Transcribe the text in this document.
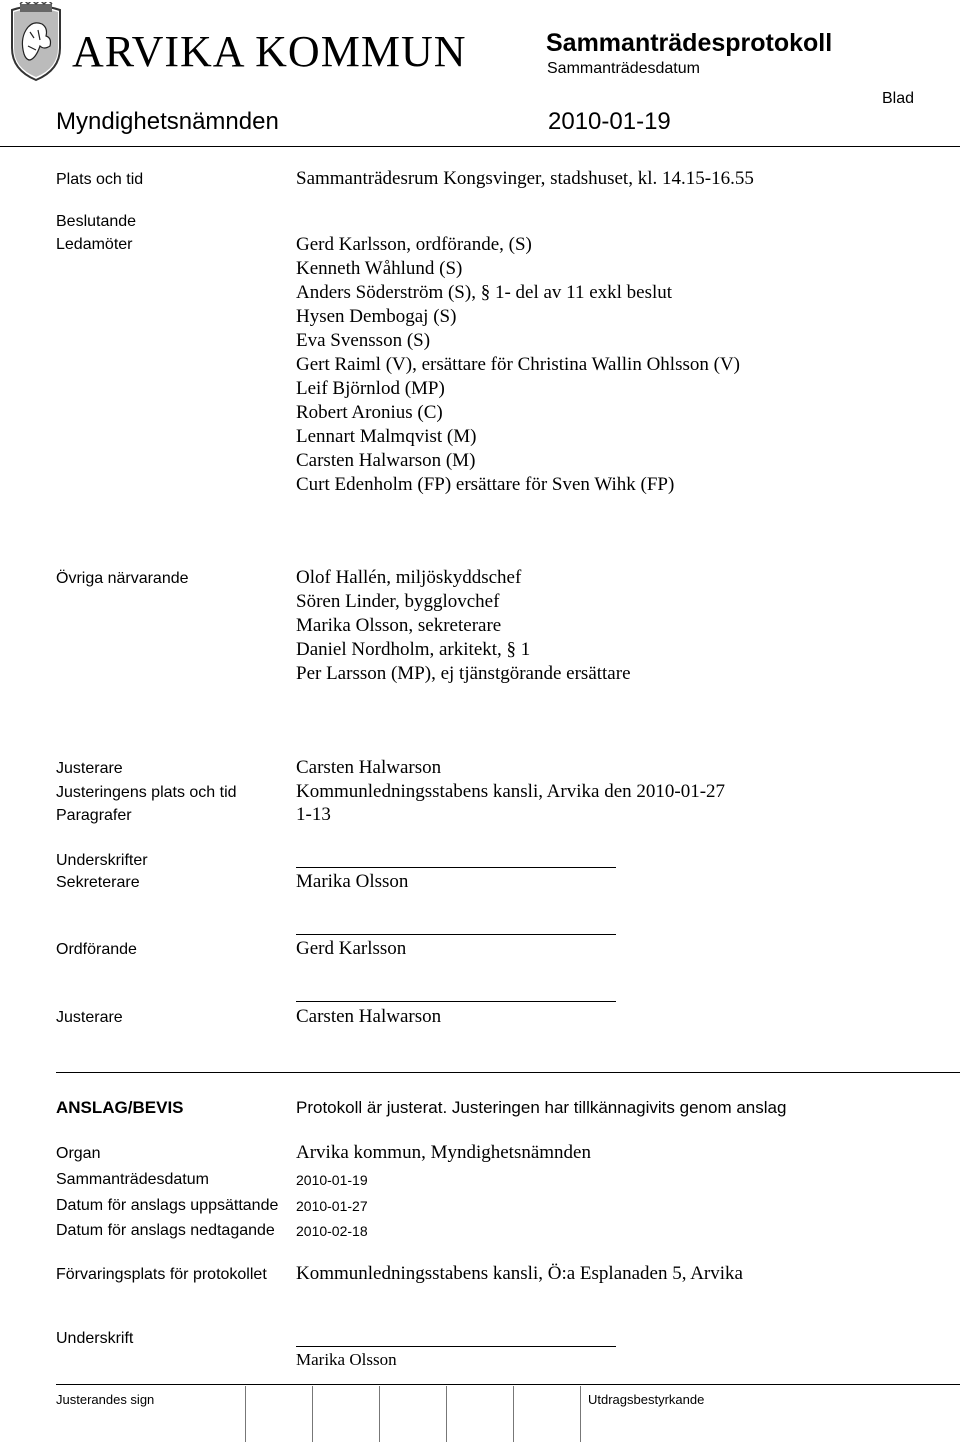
ARVIKA KOMMUN	Sammanträdesprotokoll
Sammanträdesdatum
Myndighetsnämnden	2010-01-19
Blad
Plats och tid	Sammanträdesrum Kongsvinger, stadshuset, kl. 14.15-16.55
Beslutande
Ledamöter	Gerd Karlsson, ordförande, (S)
Kenneth Wåhlund (S)
Anders Söderström (S), § 1- del av 11 exkl beslut
Hysen Dembogaj (S)
Eva Svensson (S)
Gert Raiml (V), ersättare för Christina Wallin Ohlsson (V)
Leif Björnlod (MP)
Robert Aronius (C)
Lennart Malmqvist (M)
Carsten Halwarson (M)
Curt Edenholm (FP) ersättare för Sven Wihk (FP)
Övriga närvarande	Olof Hallén, miljöskyddschef
Sören Linder, bygglovchef
Marika Olsson, sekreterare
Daniel Nordholm, arkitekt, § 1
Per Larsson (MP), ej tjänstgörande ersättare
Justerare	Carsten Halwarson
Justeringens plats och tid	Kommunledningsstabens kansli, Arvika den 2010-01-27
Paragrafer	1-13
Underskrifter
Sekreterare	Marika Olsson
Ordförande	Gerd Karlsson
Justerare	Carsten Halwarson
ANSLAG/BEVIS	Protokoll är justerat. Justeringen har tillkännagivits genom anslag
Organ	Arvika kommun, Myndighetsnämnden
Sammanträdesdatum	2010-01-19
Datum för anslags uppsättande 2010-01-27
Datum för anslags nedtagande 2010-02-18
Förvaringsplats för protokollet Kommunledningsstabens kansli, Ö:a Esplanaden 5, Arvika
Underskrift
Marika Olsson
Justerandes sign	Utdragsbestyrkande
